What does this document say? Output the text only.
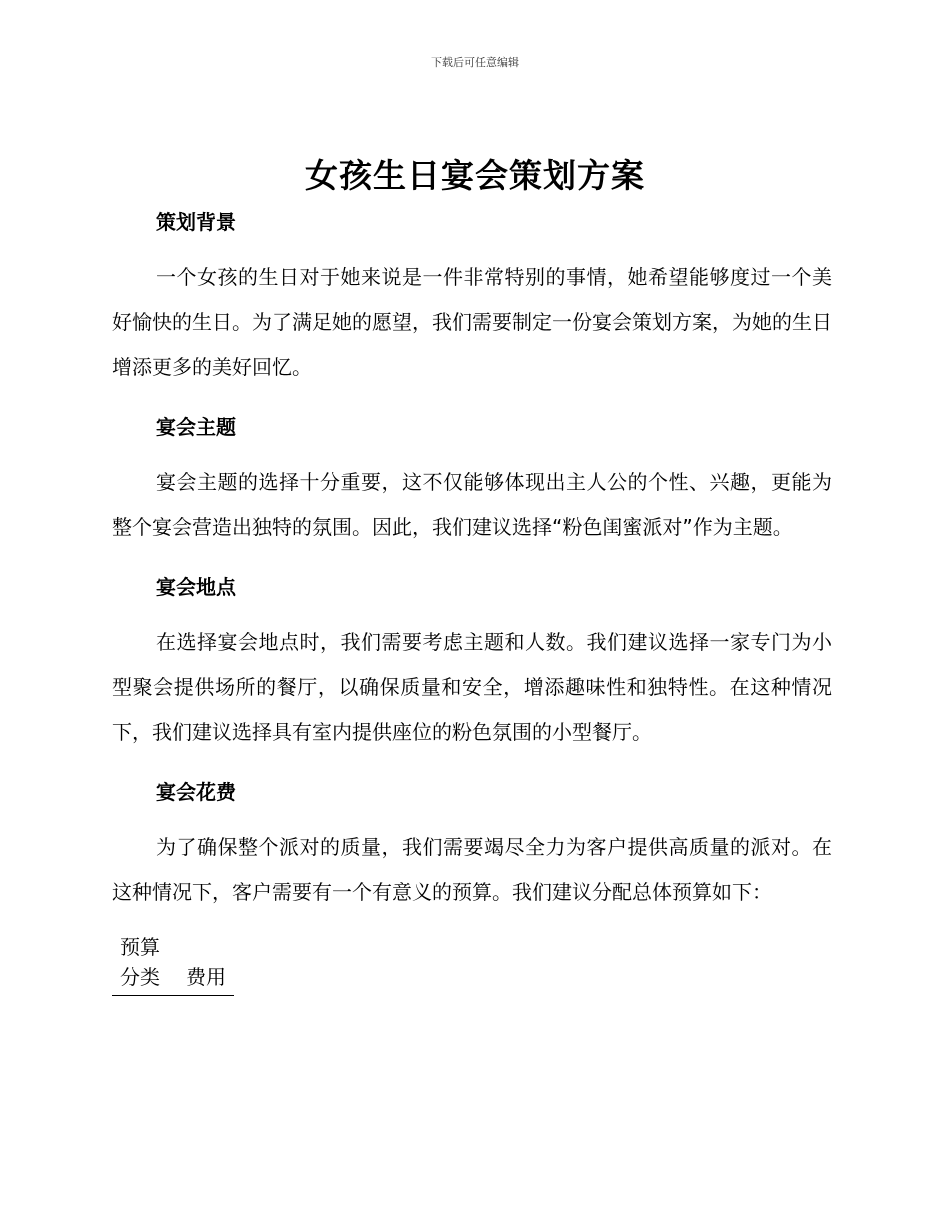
下载后可任意编辑
女孩生日宴会策划方案
策划背景

一个女孩的生日对于她来说是一件非常特别的事情，她希望能够度过一个美好愉快的生日。为了满足她的愿望，我们需要制定一份宴会策划方案，为她的生日增添更多的美好回忆。

宴会主题

宴会主题的选择十分重要，这不仅能够体现出主人公的个性、兴趣，更能为整个宴会营造出独特的氛围。因此，我们建议选择“粉色闺蜜派对”作为主题。

宴会地点

在选择宴会地点时，我们需要考虑主题和人数。我们建议选择一家专门为小型聚会提供场所的餐厅，以确保质量和安全，增添趣味性和独特性。在这种情况下，我们建议选择具有室内提供座位的粉色氛围的小型餐厅。

宴会花费

为了确保整个派对的质量，我们需要竭尽全力为客户提供高质量的派对。在这种情况下，客户需要有一个有意义的预算。我们建议分配总体预算如下：

预算分类	费用
